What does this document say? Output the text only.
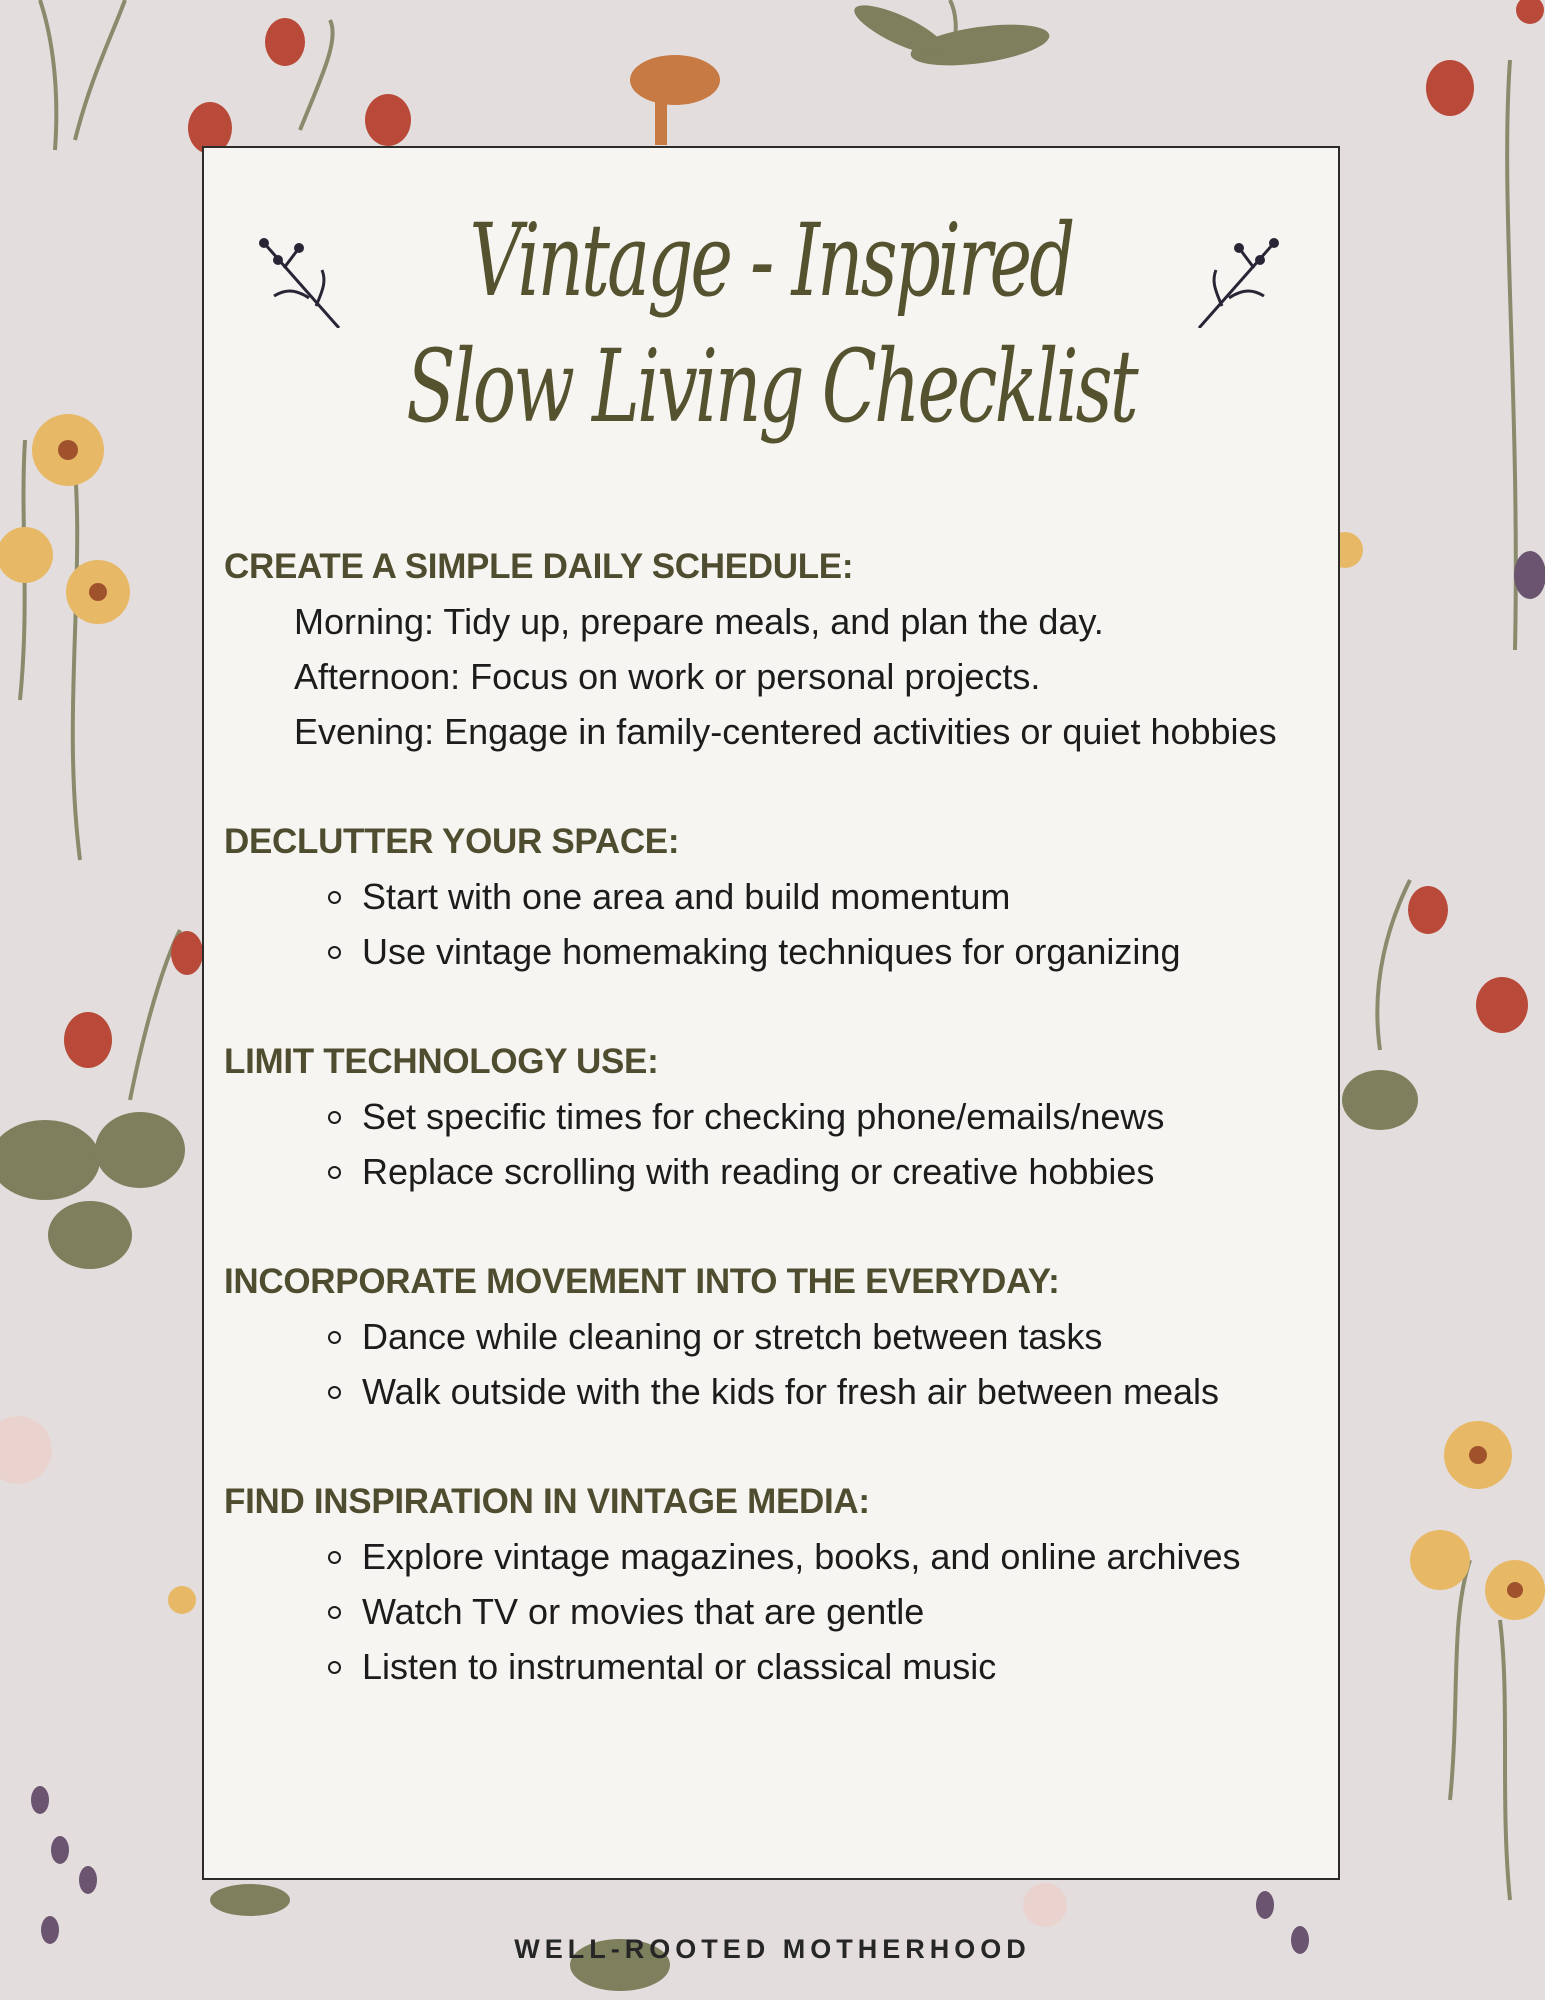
Vintage - Inspired
Slow Living Checklist
CREATE A SIMPLE DAILY SCHEDULE:
Morning: Tidy up, prepare meals, and plan the day.
Afternoon: Focus on work or personal projects.
Evening: Engage in family-centered activities or quiet hobbies
DECLUTTER YOUR SPACE:
Start with one area and build momentum
Use vintage homemaking techniques for organizing
LIMIT TECHNOLOGY USE:
Set specific times for checking phone/emails/news
Replace scrolling with reading or creative hobbies
INCORPORATE MOVEMENT INTO THE EVERYDAY:
Dance while cleaning or stretch between tasks
Walk outside with the kids for fresh air between meals
FIND INSPIRATION IN VINTAGE MEDIA:
Explore vintage magazines, books, and online archives
Watch TV or movies that are gentle
Listen to instrumental or classical music
WELL-ROOTED MOTHERHOOD
